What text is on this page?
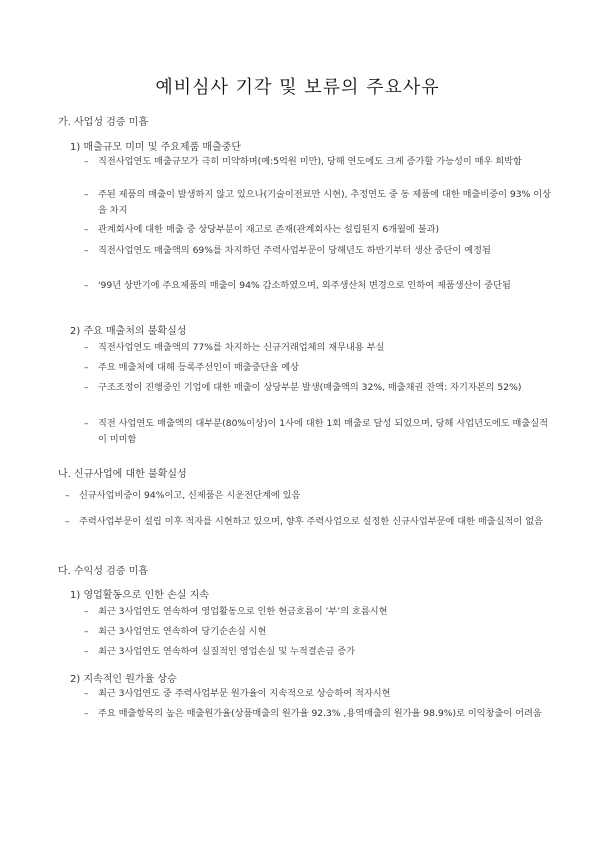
예비심사 기각 및 보류의 주요사유
가. 사업성 검증 미흡
1) 매출규모 미미 및 주요제품 매출중단
–	직전사업연도 매출규모가 극히 미약하며(예:5억원 미만), 당해 연도에도 크게 증가할 가능성이 매우 희박함
–	주된 제품의 매출이 발생하지 않고 있으나(기술이전료만 시현), 추정연도 중 동 제품에 대한 매출비중이 93% 이상을 차지
–	관계회사에 대한 매출 중 상당부분이 재고로 존재(관계회사는 설립된지 6개월에 불과)
–	직전사업연도 매출액의 69%를 차지하던 주력사업부문이 당해년도 하반기부터 생산 중단이 예정됨
–	'99년 상반기에 주요제품의 매출이 94% 감소하였으며, 외주생산처 변경으로 인하여 제품생산이 중단됨
2) 주요 매출처의 불확실성
–	직전사업연도 매출액의 77%를 차지하는 신규거래업체의 재무내용 부실
–	주요 매출처에 대해 등록주선인이 매출중단을 예상
–	구조조정이 진행중인 기업에 대한 매출이 상당부분 발생(매출액의 32%, 매출채권 잔액: 자기자본의 52%)
–	직전 사업연도 매출액의 대부분(80%이상)이 1사에 대한 1회 매출로 달성 되었으며, 당해 사업년도에도 매출실적이 미미함
나. 신규사업에 대한 불확실성
–	신규사업비중이 94%이고, 신제품은 시운전단계에 있음
–	주력사업부문이 설립 이후 적자를 시현하고 있으며, 향후 주력사업으로 설정한 신규사업부문에 대한 매출실적이 없음
다. 수익성 검증 미흡
1) 영업활동으로 인한 손실 지속
–	최근 3사업연도 연속하여 영업활동으로 인한 현금흐름이 ‘부’의 흐름시현
–	최근 3사업연도 연속하여 당기순손실 시현
–	최근 3사업연도 연속하여 실질적인 영업손실 및 누적결손금 증가
2) 지속적인 원가율 상승
–	최근 3사업연도 중 주력사업부문 원가율이 지속적으로 상승하여 적자시현
–	주요 매출항목의 높은 매출원가율(상품매출의 원가율 92.3% ,용역매출의 원가율 98.9%)로 이익창출이 어려움
